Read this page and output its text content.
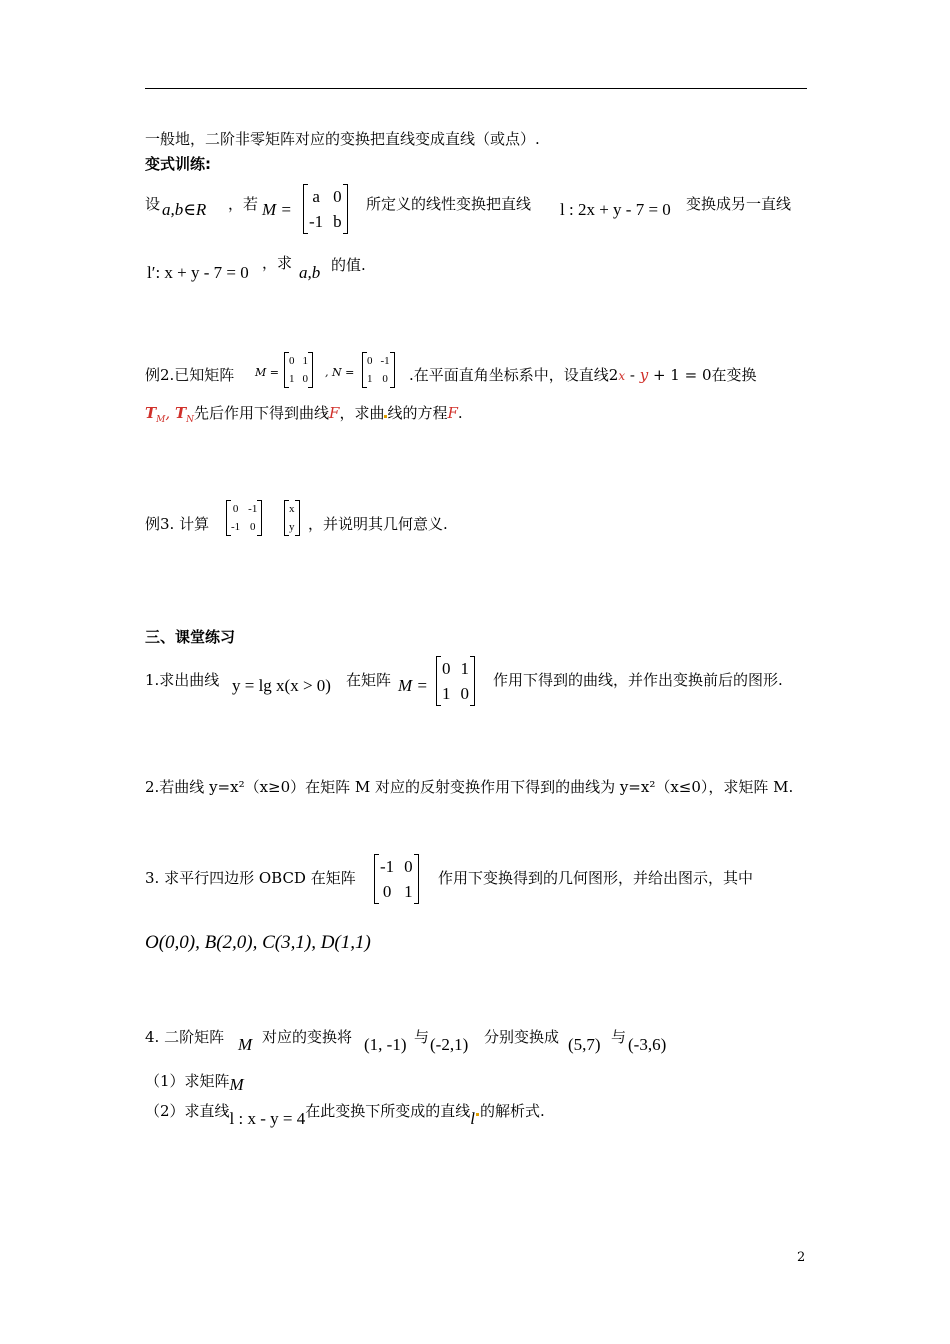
一般地，二阶非零矩阵对应的变换把直线变成直线（或点）.
变式训练:
设 a,b∈R ，若 M =
a	0
-1	b
所定义的线性变换把直线 l : 2x + y - 7 = 0 变换成另一直线
l′: x + y - 7 = 0 ，求 a,b 的值.
例2.已知矩阵 M =
0	1
1	0 , N =
0	-1
1	0 .在平面直角坐标系中，设直线2x - y + 1 = 0在变换
$T_M$, $T_N$先后作用下得到曲线F，求曲 线的方程F.
例3. 计算
0	-1
-1	0
x
y ，并说明其几何意义.
三、课堂练习
1.求出曲线 y = lg x(x > 0) 在矩阵 M =
0	1
1	0
作用下得到的曲线，并作出变换前后的图形.
2.若曲线 y=x²（x≥0）在矩阵 M 对应的反射变换作用下得到的曲线为 y=x²（x≤0），求矩阵 M.
3. 求平行四边形 OBCD 在矩阵
-1	0
0	1
作用下变换得到的几何图形，并给出图示，其中
O(0,0), B(2,0), C(3,1), D(1,1)
4. 二阶矩阵 M 对应的变换将 (1, -1) 与 (-2,1) 分别变换成 (5,7) 与 (-3,6)
（1）求矩阵M
（2）求直线l : x - y = 4在此变换下所变成的直线l 的解析式.
2
